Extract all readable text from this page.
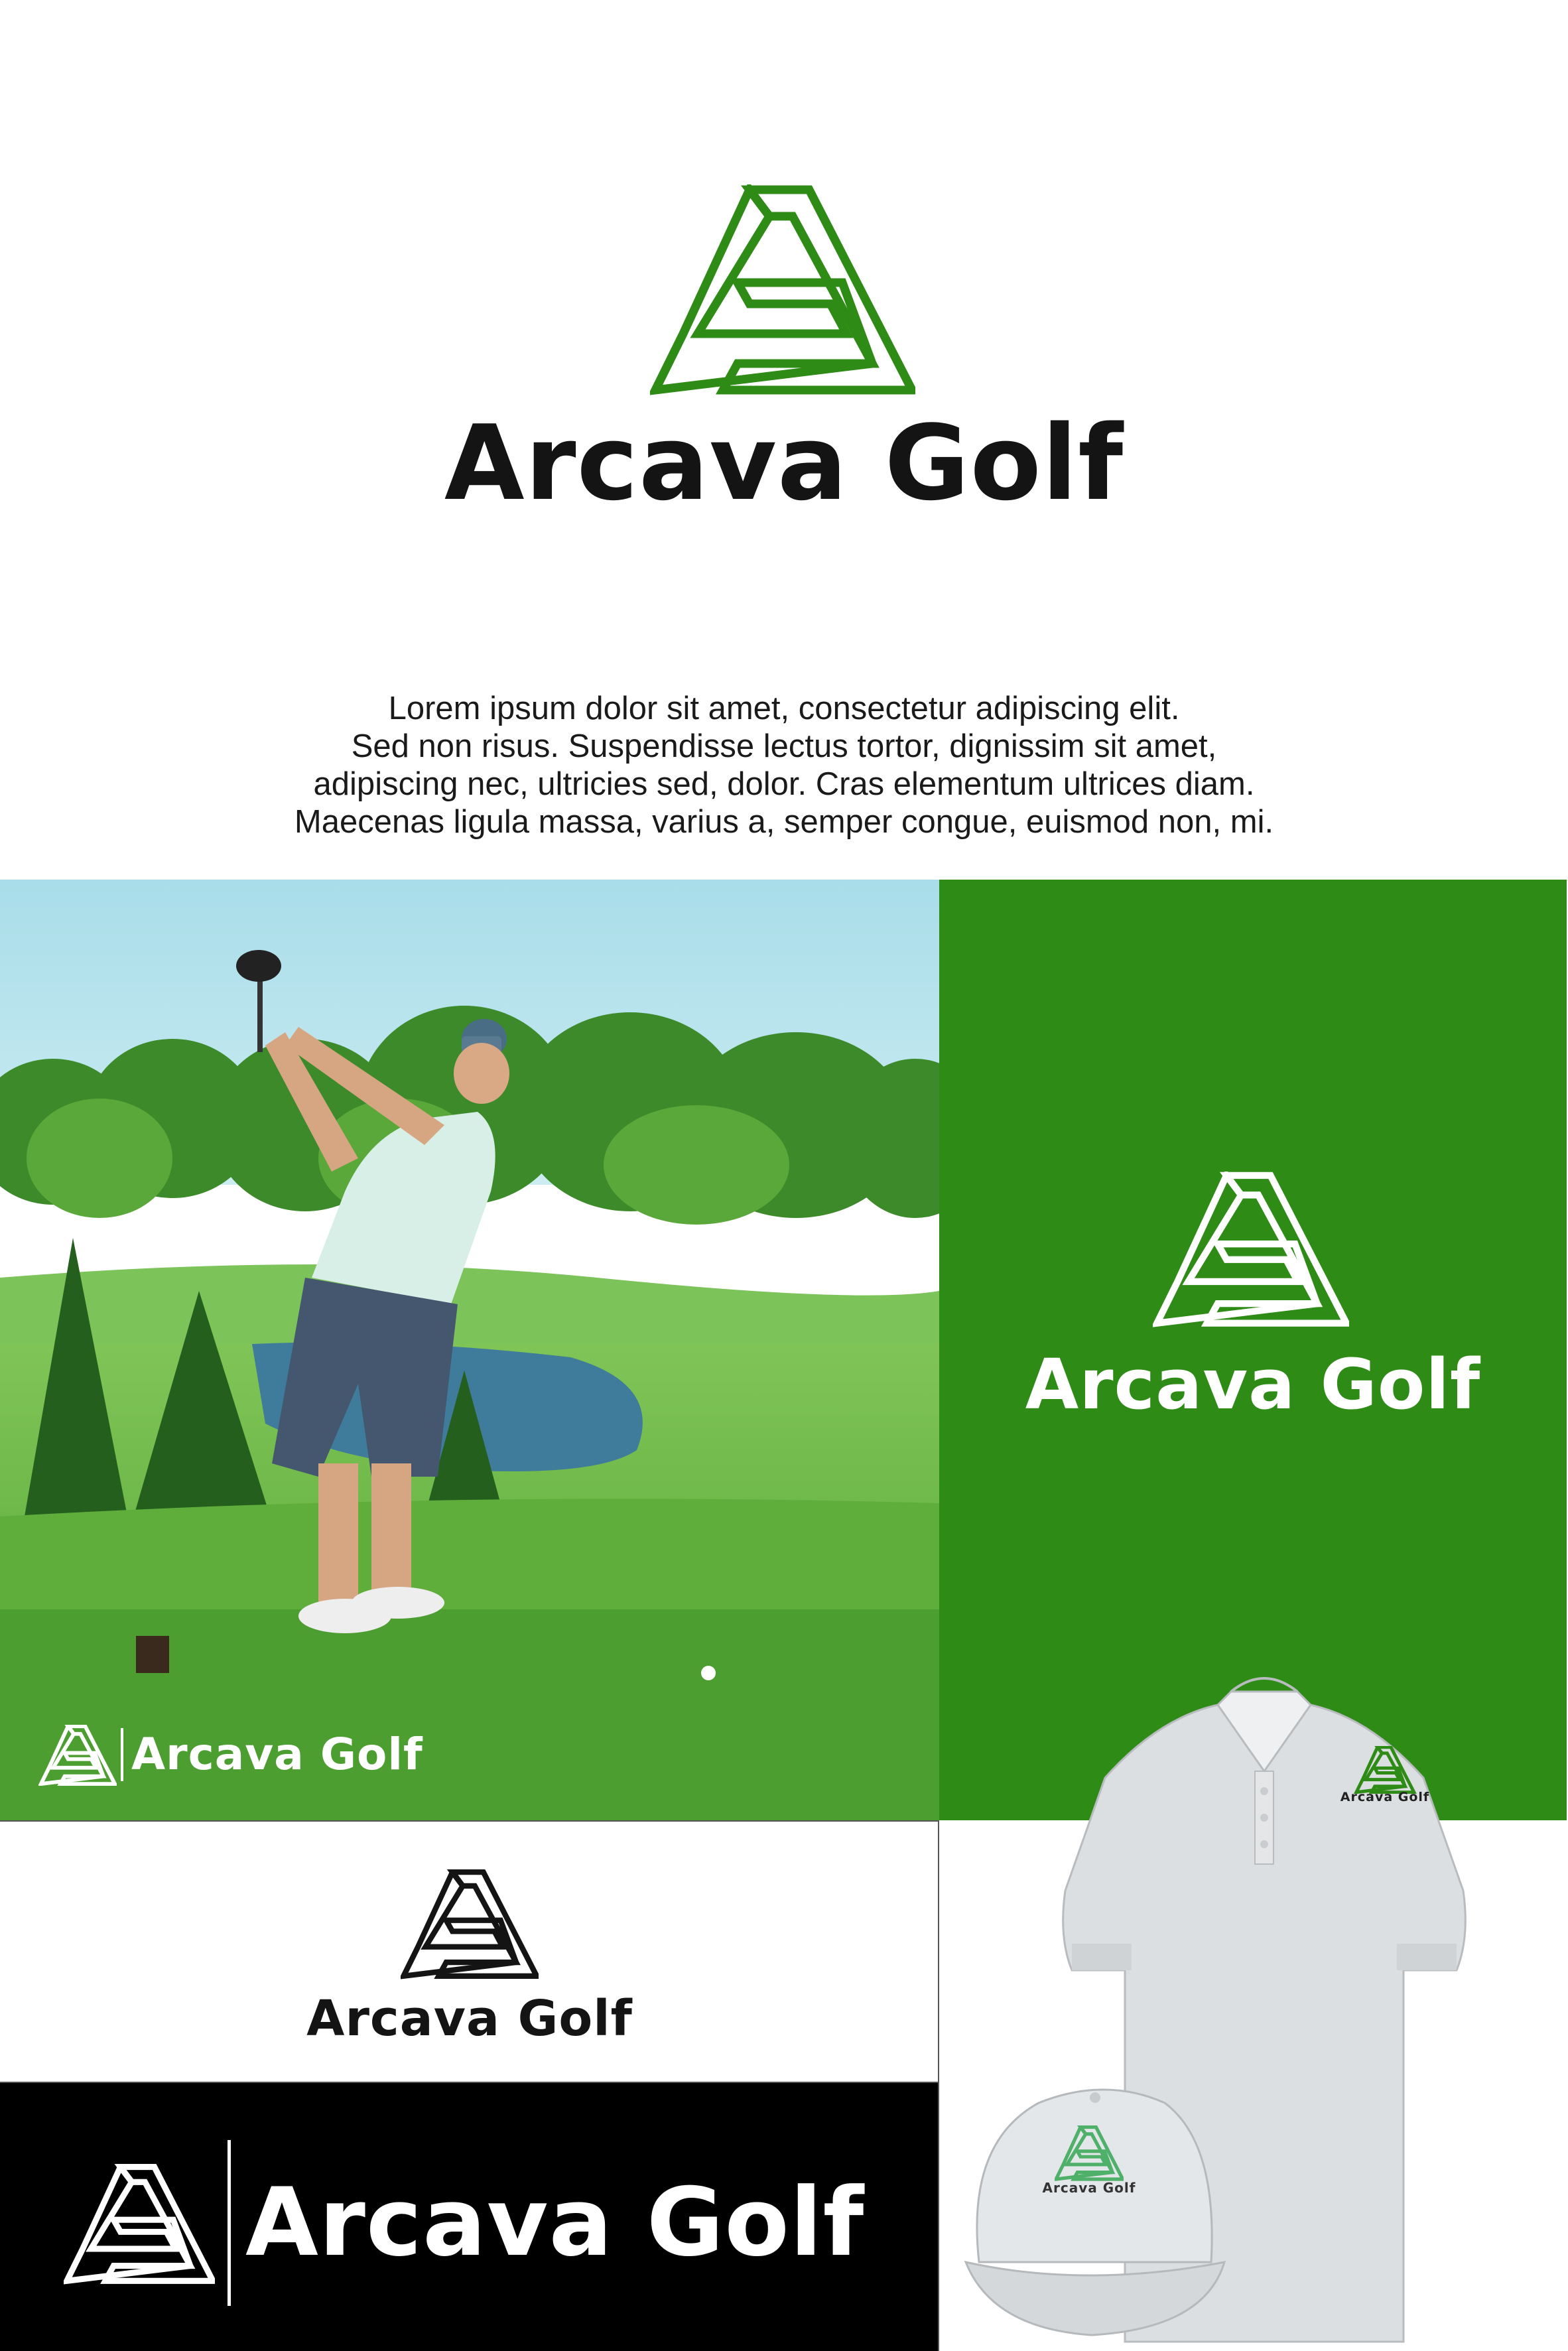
Arcava Golf
Lorem ipsum dolor sit amet, consectetur adipiscing elit.
Sed non risus. Suspendisse lectus tortor, dignissim sit amet,
adipiscing nec, ultricies sed, dolor. Cras elementum ultrices diam.
Maecenas ligula massa, varius a, semper congue, euismod non, mi.
Arcava Golf
Arcava Golf
Arcava Golf
Arcava Golf
Arcava Golf
Arcava Golf
